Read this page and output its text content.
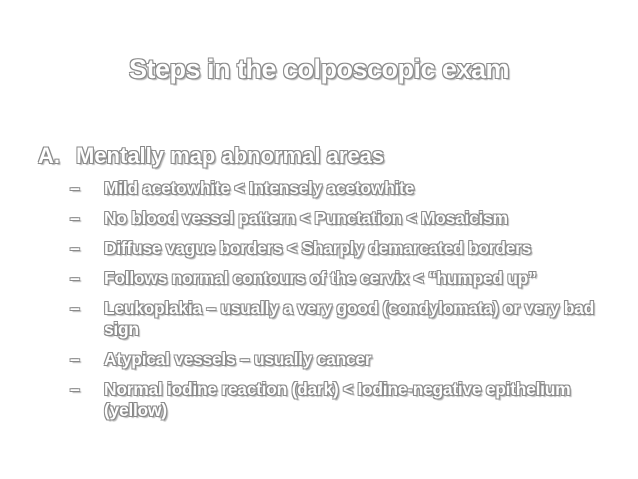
Steps in the colposcopic exam
A. Mentally map abnormal areas
– Mild acetowhite < Intensely acetowhite
– No blood vessel pattern < Punctation < Mosaicism
– Diffuse vague borders < Sharply demarcated borders
– Follows normal contours of the cervix < “humped up”
– Leukoplakia – usually a very good (condylomata) or very bad sign
– Atypical vessels – usually cancer
– Normal iodine reaction (dark) < Iodine-negative epithelium (yellow)
